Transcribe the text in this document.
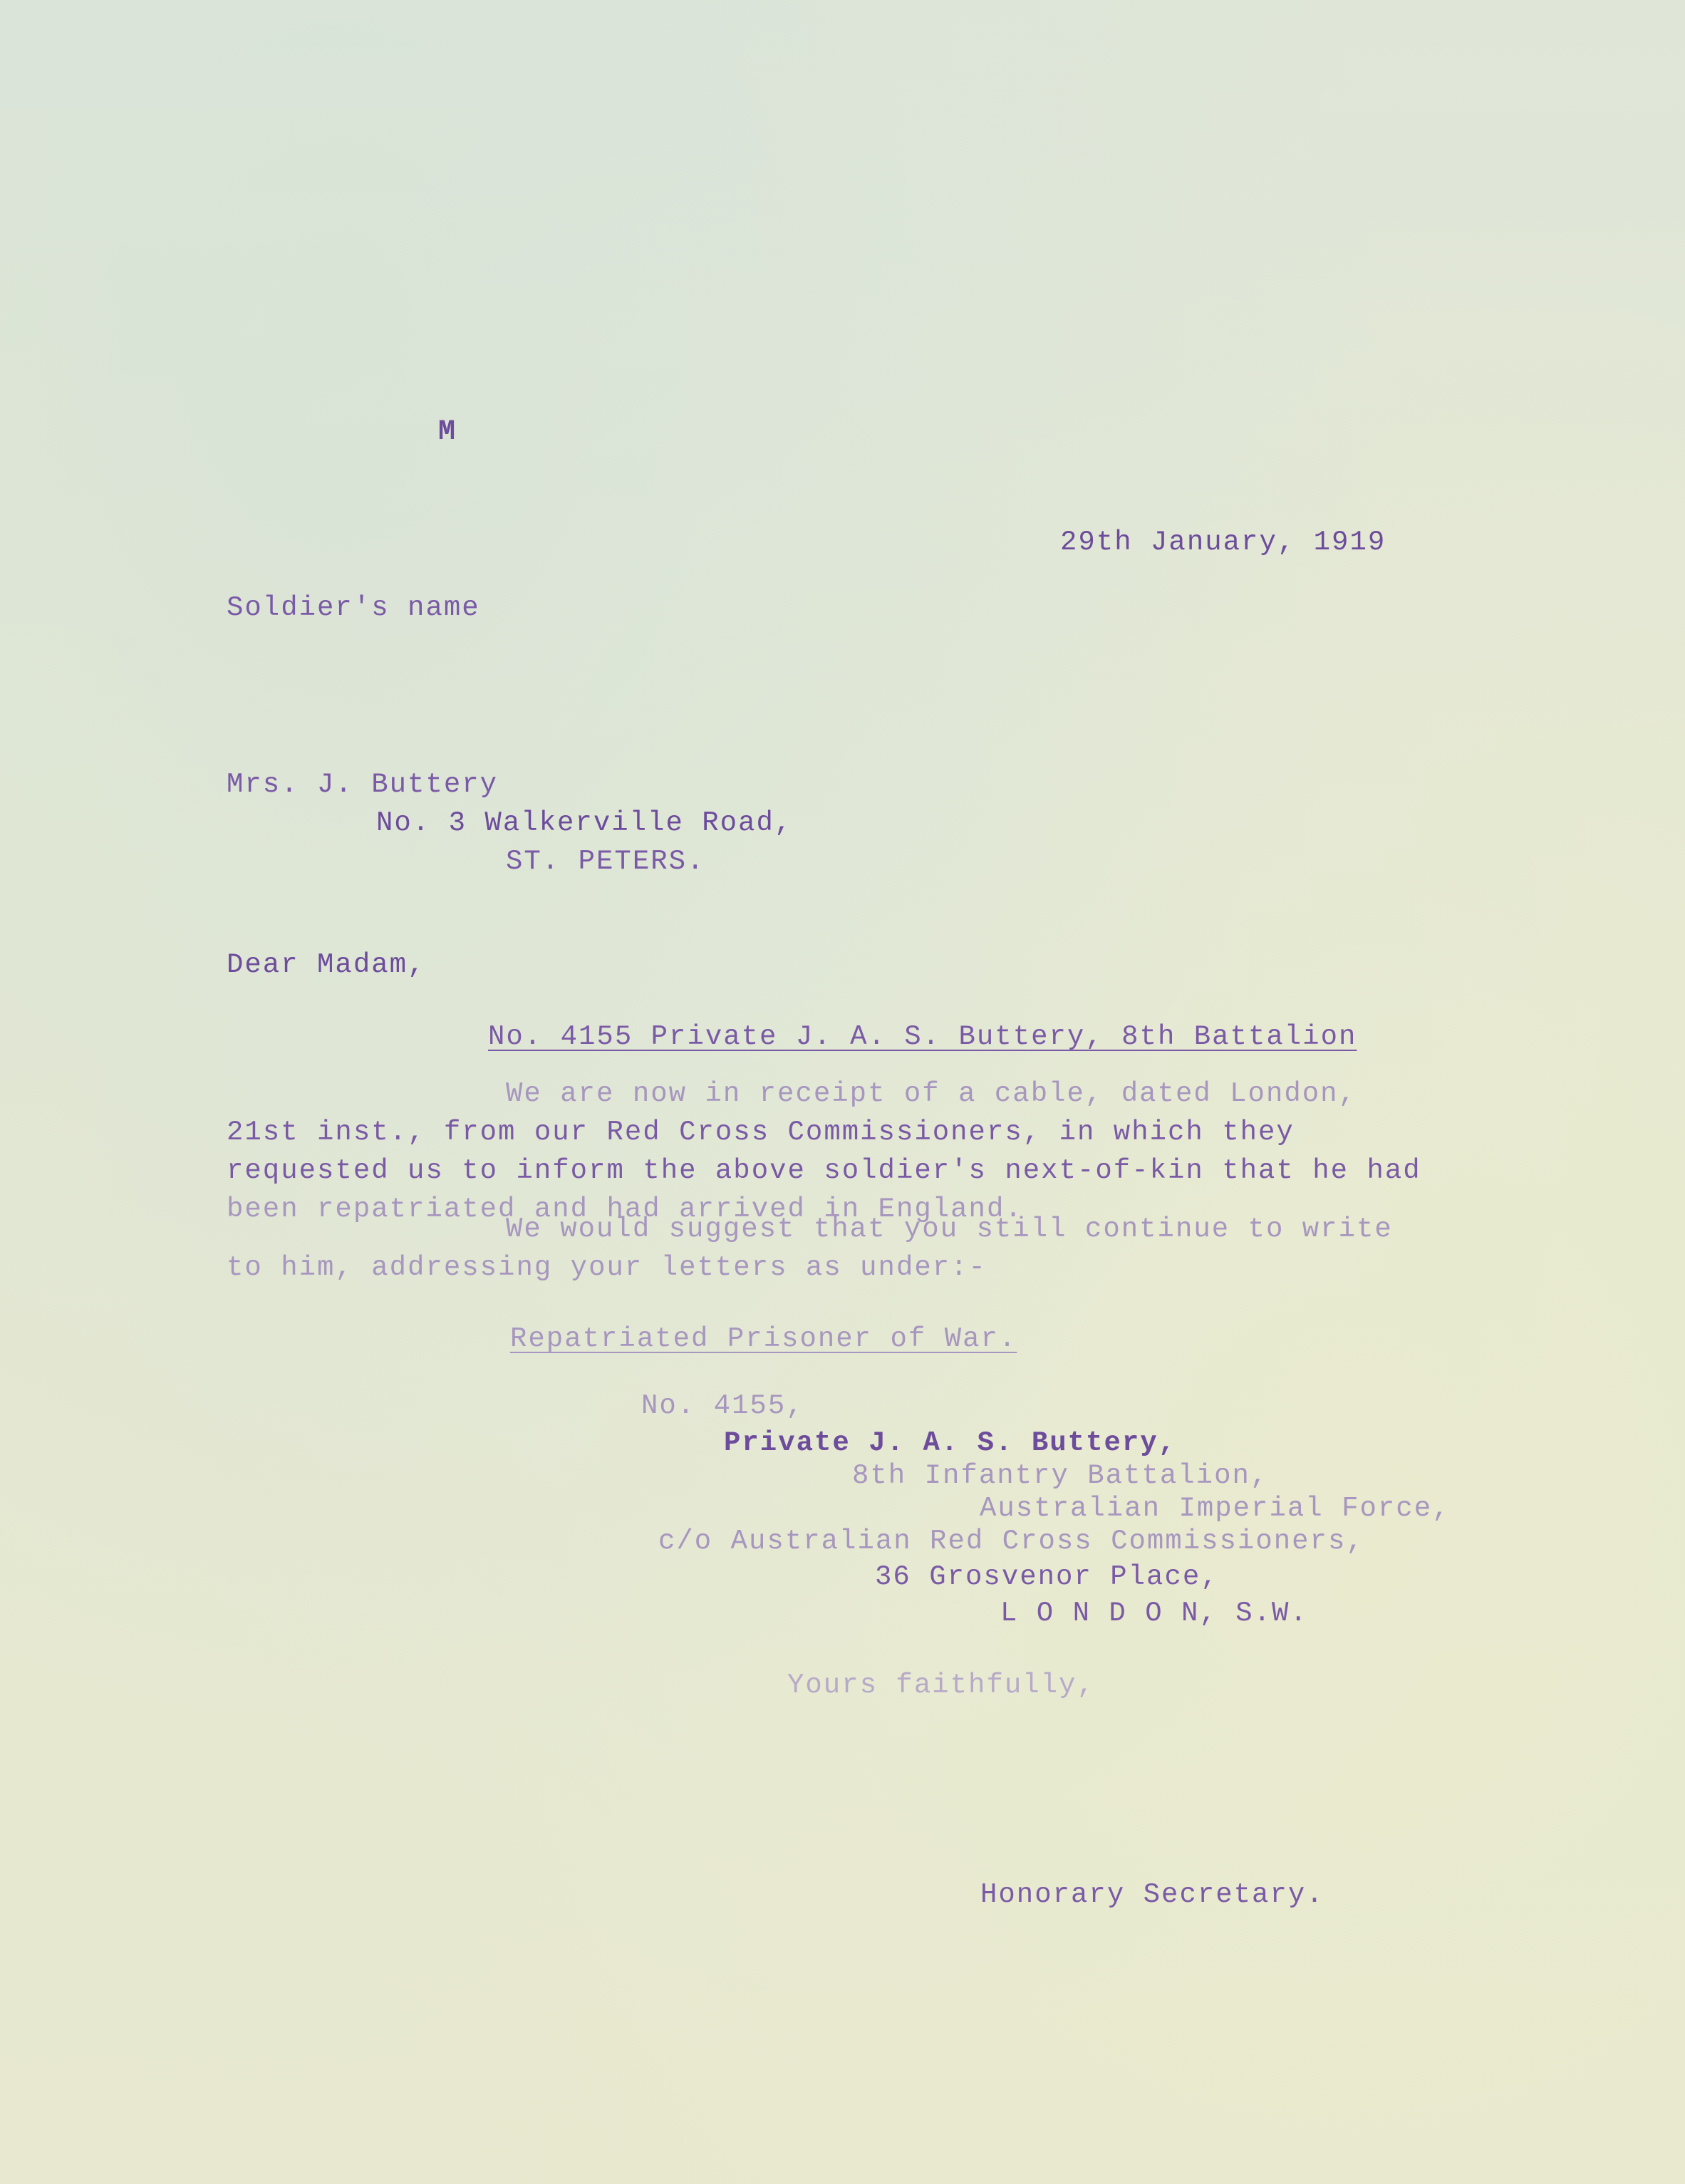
M
29th January, 1919
Soldier's name
Mrs. J. Buttery
No. 3 Walkerville Road,
ST. PETERS.
Dear Madam,
No. 4155 Private J. A. S. Buttery, 8th Battalion
We are now in receipt of a cable, dated London,
21st inst., from our Red Cross Commissioners, in which they
requested us to inform the above soldier's next-of-kin that he had
been repatriated and had arrived in England.
We would suggest that you still continue to write
to him, addressing your letters as under:-
Repatriated Prisoner of War.
No. 4155,
Private J. A. S. Buttery,
8th Infantry Battalion,
Australian Imperial Force,
c/o Australian Red Cross Commissioners,
36 Grosvenor Place,
L O N D O N, S.W.
Yours faithfully,
Honorary Secretary.
